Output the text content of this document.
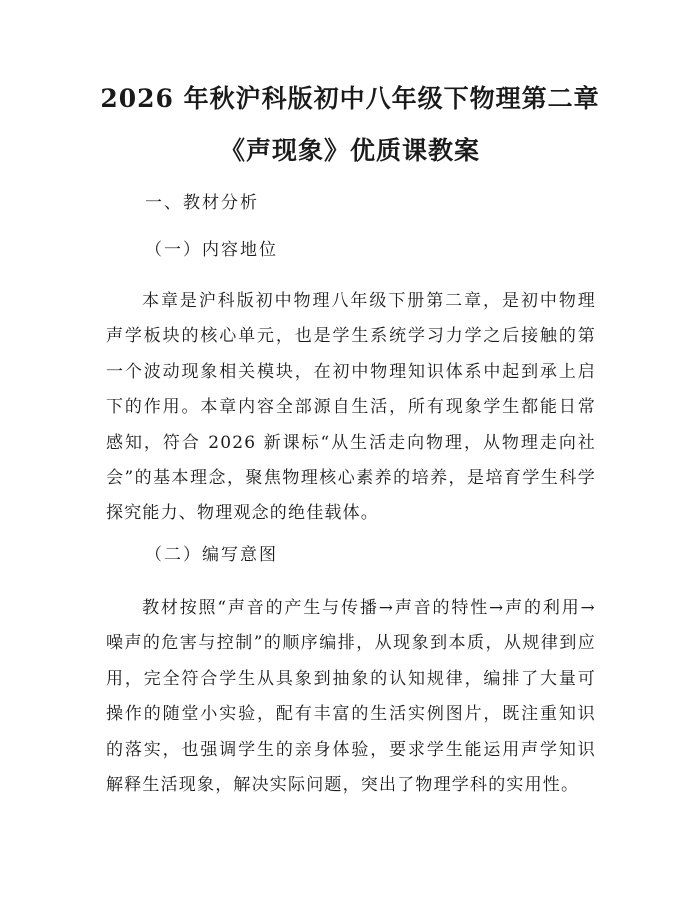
2026 年秋沪科版初中八年级下物理第二章
《声现象》优质课教案
一、教材分析
（一）内容地位

本章是沪科版初中物理八年级下册第二章，是初中物理声学板块的核心单元，也是学生系统学习力学之后接触的第一个波动现象相关模块，在初中物理知识体系中起到承上启下的作用。本章内容全部源自生活，所有现象学生都能日常感知，符合 2026 新课标“从生活走向物理，从物理走向社会”的基本理念，聚焦物理核心素养的培养，是培育学生科学探究能力、物理观念的绝佳载体。

（二）编写意图

教材按照“声音的产生与传播→声音的特性→声的利用→噪声的危害与控制”的顺序编排，从现象到本质，从规律到应用，完全符合学生从具象到抽象的认知规律，编排了大量可操作的随堂小实验，配有丰富的生活实例图片，既注重知识的落实，也强调学生的亲身体验，要求学生能运用声学知识解释生活现象，解决实际问题，突出了物理学科的实用性。
